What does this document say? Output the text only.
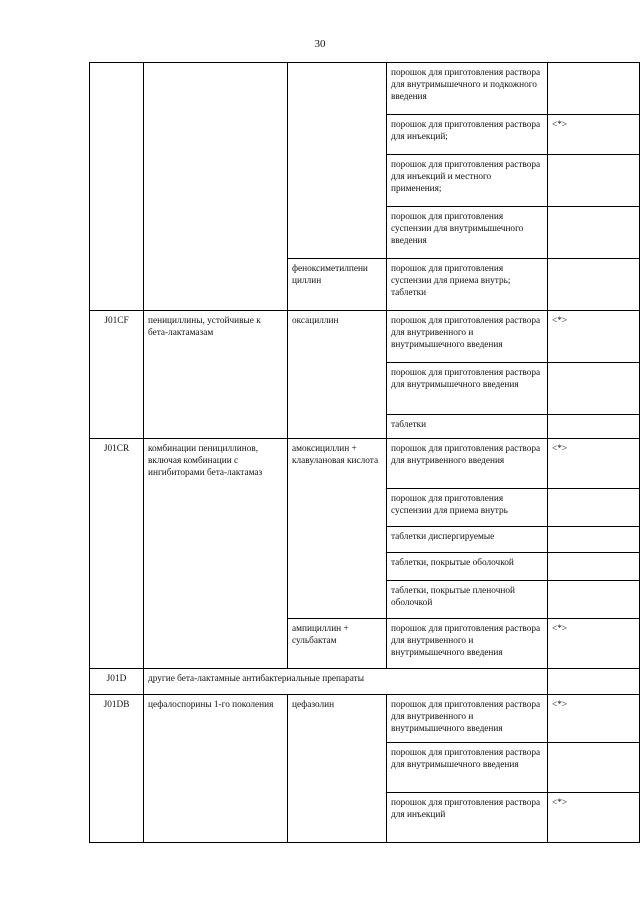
30
			порошок для приготовления раствора для внутримышечного и подкожного введения	
			порошок для приготовления раствора для инъекций;	<*>
			порошок для приготовления раствора для инъекций и местного применения;	
			порошок для приготовления суспензии для внутримышечного введения	
		феноксиметилпени циллин	порошок для приготовления суспензии для приема внутрь; таблетки	
J01CF	пенициллины, устойчивые к бета-лактамазам	оксациллин	порошок для приготовления раствора для внутривенного и внутримышечного введения	<*>
			порошок для приготовления раствора для внутримышечного введения	
			таблетки	
J01CR	комбинации пенициллинов, включая комбинации с ингибиторами бета-лактамаз	амоксициллин + клавулановая кислота	порошок для приготовления раствора для внутривенного введения	<*>
			порошок для приготовления суспензии для приема внутрь	
			таблетки диспергируемые	
			таблетки, покрытые оболочкой	
			таблетки, покрытые пленочной оболочкой	
		ампициллин + сульбактам	порошок для приготовления раствора для внутривенного и внутримышечного введения	<*>
J01D	другие бета-лактамные антибактериальные препараты			
J01DB	цефалоспорины 1-го поколения	цефазолин	порошок для приготовления раствора для внутривенного и внутримышечного введения	<*>
			порошок для приготовления раствора для внутримышечного введения	
			порошок для приготовления раствора для инъекций	<*>
